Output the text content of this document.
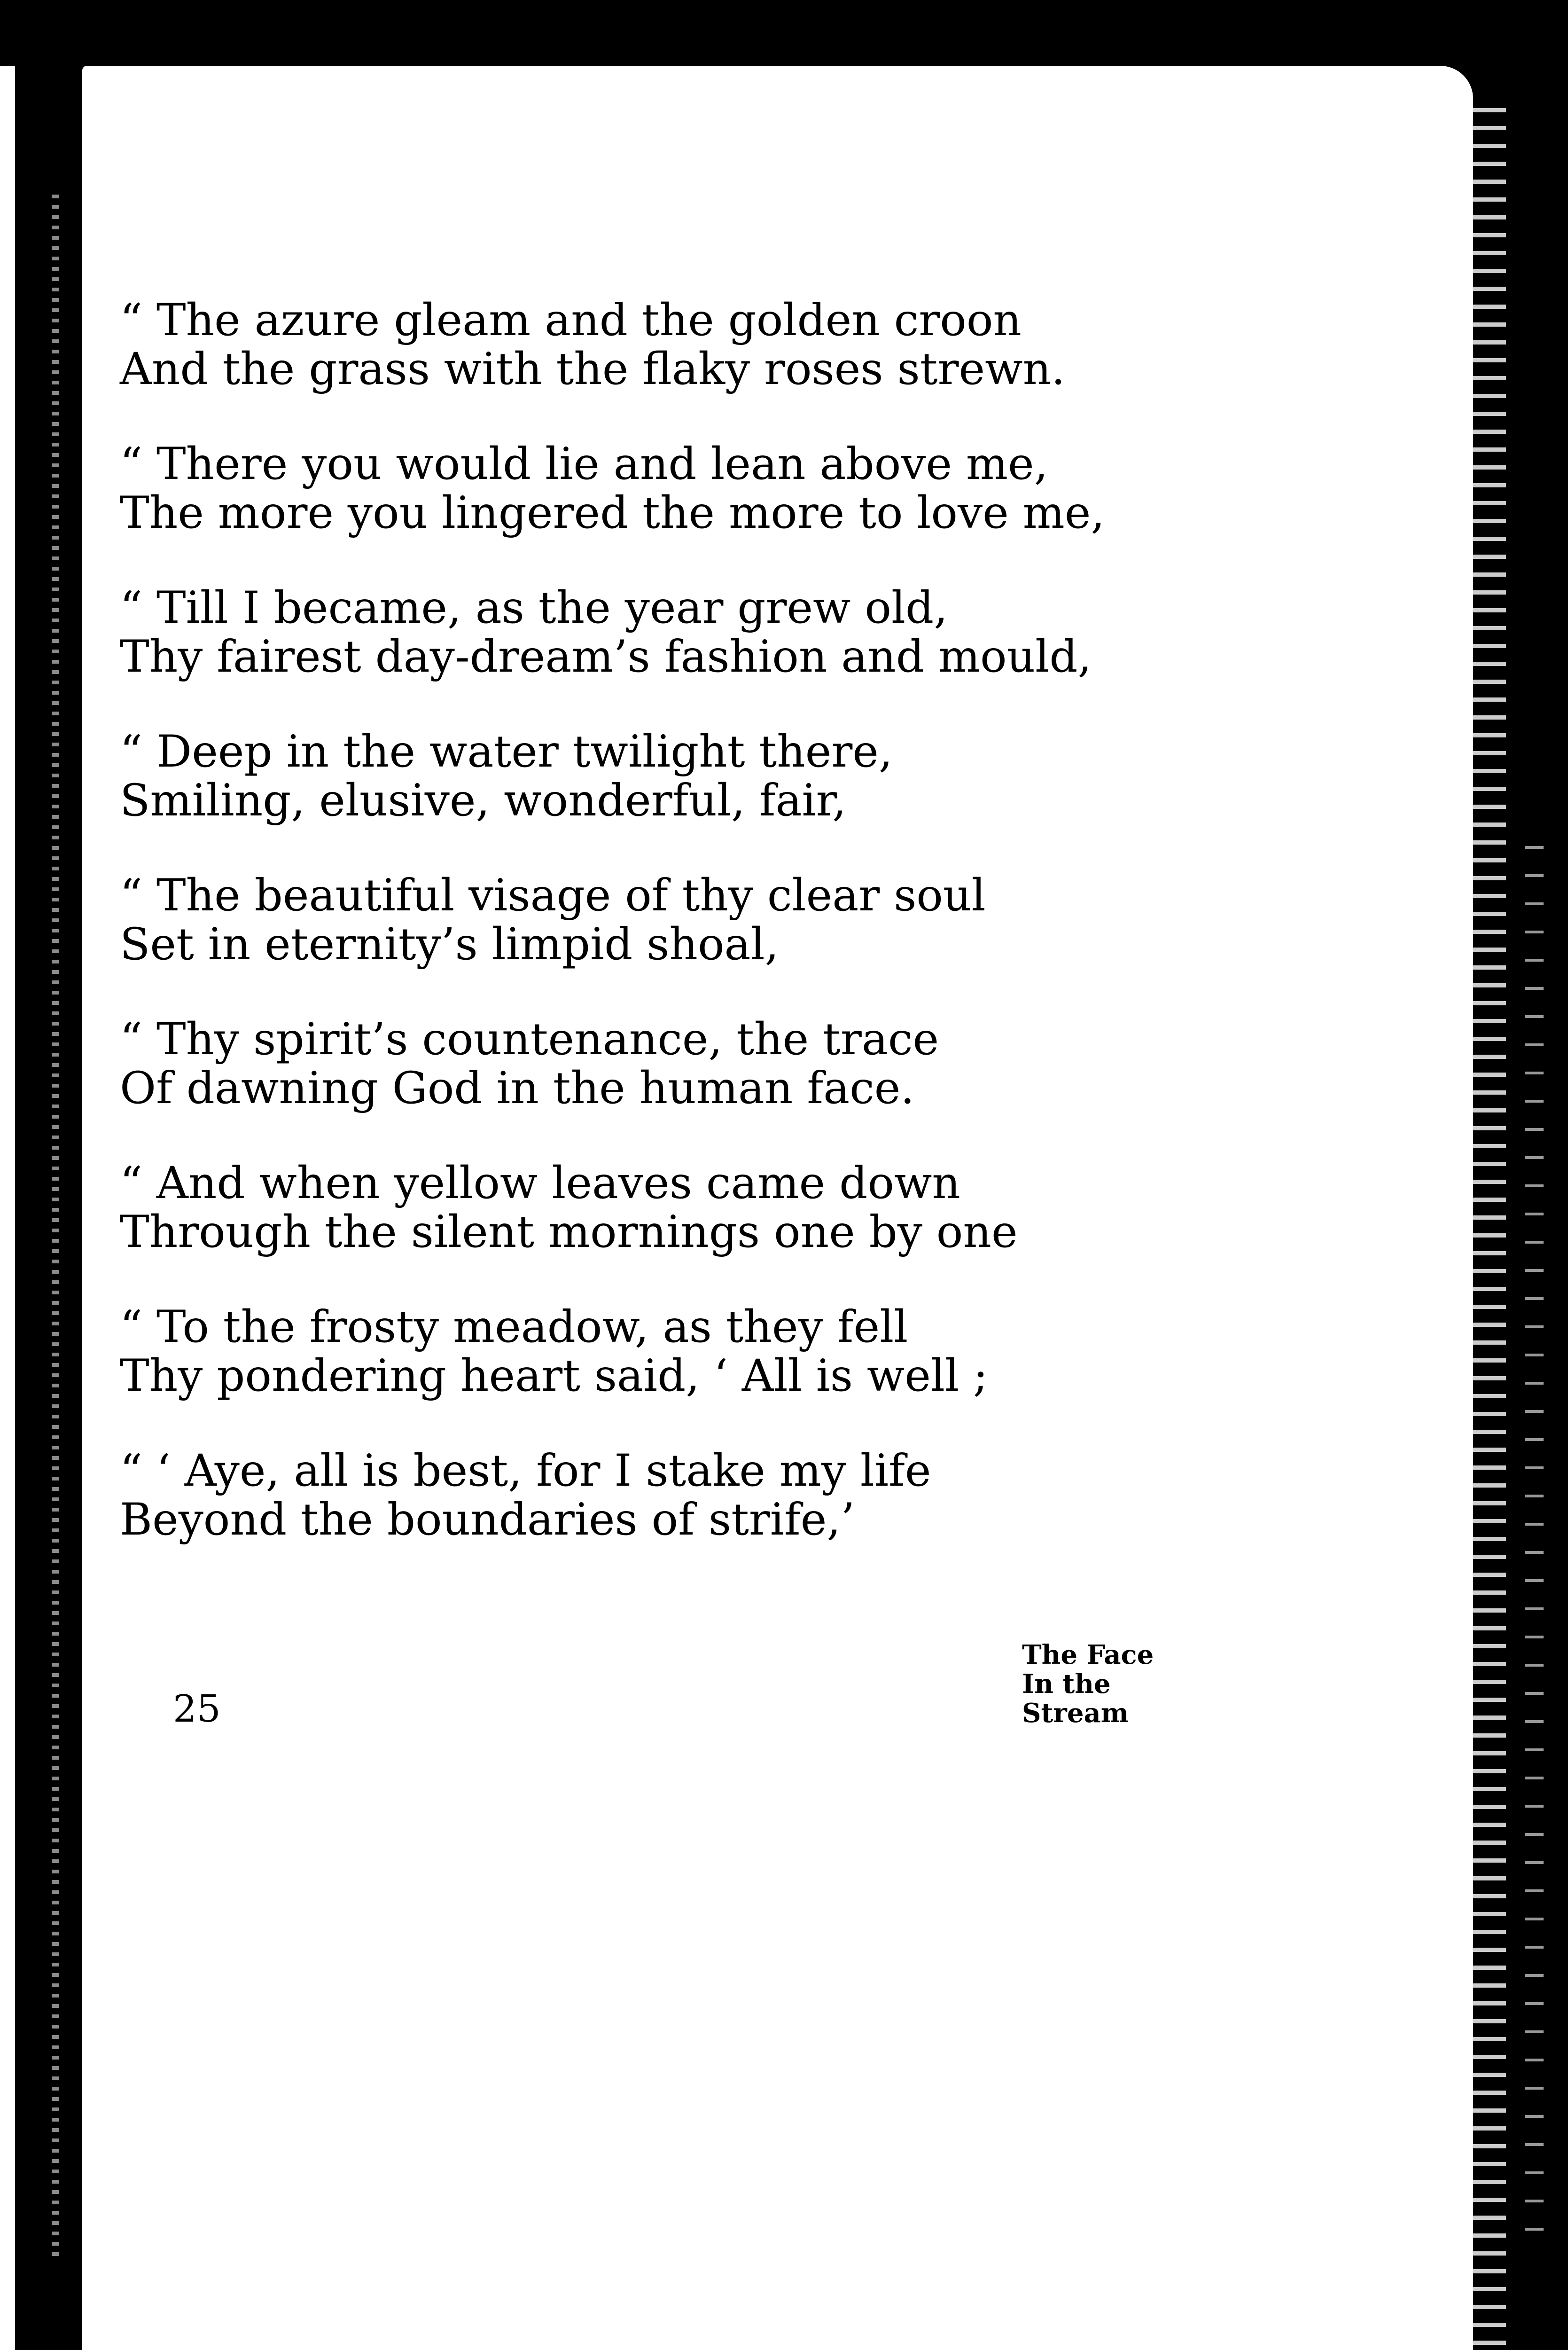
“ The azure gleam and the golden croon
And the grass with the flaky roses strewn.
“ There you would lie and lean above me,
The more you lingered the more to love me,
“ Till I became, as the year grew old,
Thy fairest day-dream’s fashion and mould,
“ Deep in the water twilight there,
Smiling, elusive, wonderful, fair,
“ The beautiful visage of thy clear soul
Set in eternity’s limpid shoal,
“ Thy spirit’s countenance, the trace
Of dawning God in the human face.
“ And when yellow leaves came down
Through the silent mornings one by one
“ To the frosty meadow, as they fell
Thy pondering heart said, ‘ All is well ;
“ ‘ Aye, all is best, for I stake my life
Beyond the boundaries of strife,’
25
The Face
In the
Stream
